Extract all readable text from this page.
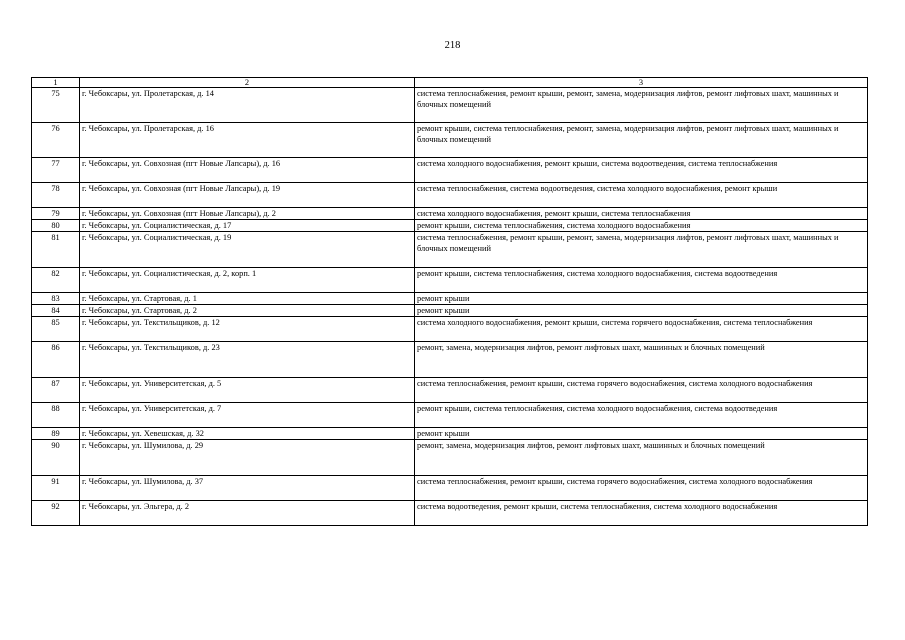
218
1	2	3
75	г. Чебоксары, ул. Пролетарская, д. 14	система теплоснабжения, ремонт крыши, ремонт, замена, модернизация лифтов, ремонт лифтовых шахт, машинных и блочных помещений
76	г. Чебоксары, ул. Пролетарская, д. 16	ремонт крыши, система теплоснабжения, ремонт, замена, модернизация лифтов, ремонт лифтовых шахт, машинных и блочных помещений
77	г. Чебоксары, ул. Совхозная (пгт Новые Лапсары), д. 16	система холодного водоснабжения, ремонт крыши, система водоотведения, система теплоснабжения
78	г. Чебоксары, ул. Совхозная (пгт Новые Лапсары), д. 19	система теплоснабжения, система водоотведения, система холодного водоснабжения, ремонт крыши
79	г. Чебоксары, ул. Совхозная (пгт Новые Лапсары), д. 2	система холодного водоснабжения, ремонт крыши, система теплоснабжения
80	г. Чебоксары, ул. Социалистическая, д. 17	ремонт крыши, система теплоснабжения, система холодного водоснабжения
81	г. Чебоксары, ул. Социалистическая, д. 19	система теплоснабжения, ремонт крыши, ремонт, замена, модернизация лифтов, ремонт лифтовых шахт, машинных и блочных помещений
82	г. Чебоксары, ул. Социалистическая, д. 2, корп. 1	ремонт крыши, система теплоснабжения, система холодного водоснабжения, система водоотведения
83	г. Чебоксары, ул. Стартовая, д. 1	ремонт крыши
84	г. Чебоксары, ул. Стартовая, д. 2	ремонт крыши
85	г. Чебоксары, ул. Текстильщиков, д. 12	система холодного водоснабжения, ремонт крыши, система горячего водоснабжения, система теплоснабжения
86	г. Чебоксары, ул. Текстильщиков, д. 23	ремонт, замена, модернизация лифтов, ремонт лифтовых шахт, машинных и блочных помещений
87	г. Чебоксары, ул. Университетская, д. 5	система теплоснабжения, ремонт крыши, система горячего водоснабжения, система холодного водоснабжения
88	г. Чебоксары, ул. Университетская, д. 7	ремонт крыши, система теплоснабжения, система холодного водоснабжения, система водоотведения
89	г. Чебоксары, ул. Хевешская, д. 32	ремонт крыши
90	г. Чебоксары, ул. Шумилова, д. 29	ремонт, замена, модернизация лифтов, ремонт лифтовых шахт, машинных и блочных помещений
91	г. Чебоксары, ул. Шумилова, д. 37	система теплоснабжения, ремонт крыши, система горячего водоснабжения, система холодного водоснабжения
92	г. Чебоксары, ул. Эльгера, д. 2	система водоотведения, ремонт крыши, система теплоснабжения, система холодного водоснабжения
